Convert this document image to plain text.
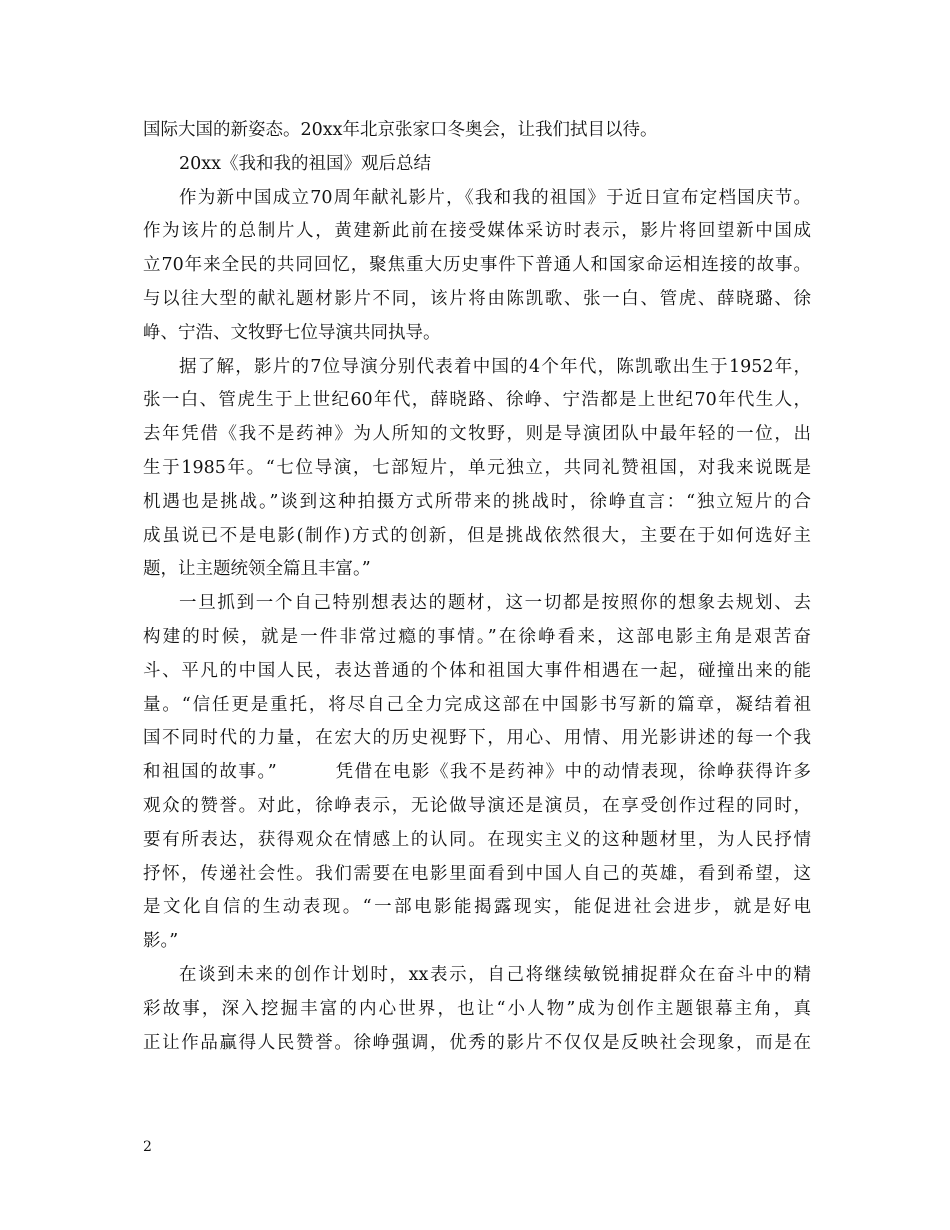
国际大国的新姿态。20xx年北京张家口冬奥会，让我们拭目以待。
20xx《我和我的祖国》观后总结
作为新中国成立70周年献礼影片，《我和我的祖国》于近日宣布定档国庆节。
作为该片的总制片人，黄建新此前在接受媒体采访时表示，影片将回望新中国成
立70年来全民的共同回忆，聚焦重大历史事件下普通人和国家命运相连接的故事。
与以往大型的献礼题材影片不同，该片将由陈凯歌、张一白、管虎、薛晓璐、徐
峥、宁浩、文牧野七位导演共同执导。
据了解，影片的7位导演分别代表着中国的4个年代，陈凯歌出生于1952年，
张一白、管虎生于上世纪60年代，薛晓路、徐峥、宁浩都是上世纪70年代生人，
去年凭借《我不是药神》为人所知的文牧野，则是导演团队中最年轻的一位，出
生于1985年。“七位导演，七部短片，单元独立，共同礼赞祖国，对我来说既是
机遇也是挑战。”谈到这种拍摄方式所带来的挑战时，徐峥直言：“独立短片的合
成虽说已不是电影(制作)方式的创新，但是挑战依然很大，主要在于如何选好主
题，让主题统领全篇且丰富。”
一旦抓到一个自己特别想表达的题材，这一切都是按照你的想象去规划、去
构建的时候，就是一件非常过瘾的事情。”在徐峥看来，这部电影主角是艰苦奋
斗、平凡的中国人民，表达普通的个体和祖国大事件相遇在一起，碰撞出来的能
量。“信任更是重托，将尽自己全力完成这部在中国影书写新的篇章，凝结着祖
国不同时代的力量，在宏大的历史视野下，用心、用情、用光影讲述的每一个我
和祖国的故事。”　　　凭借在电影《我不是药神》中的动情表现，徐峥获得许多
观众的赞誉。对此，徐峥表示，无论做导演还是演员，在享受创作过程的同时，
要有所表达，获得观众在情感上的认同。在现实主义的这种题材里，为人民抒情
抒怀，传递社会性。我们需要在电影里面看到中国人自己的英雄，看到希望，这
是文化自信的生动表现。“一部电影能揭露现实，能促进社会进步，就是好电
影。”
在谈到未来的创作计划时，xx表示，自己将继续敏锐捕捉群众在奋斗中的精
彩故事，深入挖掘丰富的内心世界，也让“小人物”成为创作主题银幕主角，真
正让作品赢得人民赞誉。徐峥强调，优秀的影片不仅仅是反映社会现象，而是在
2
